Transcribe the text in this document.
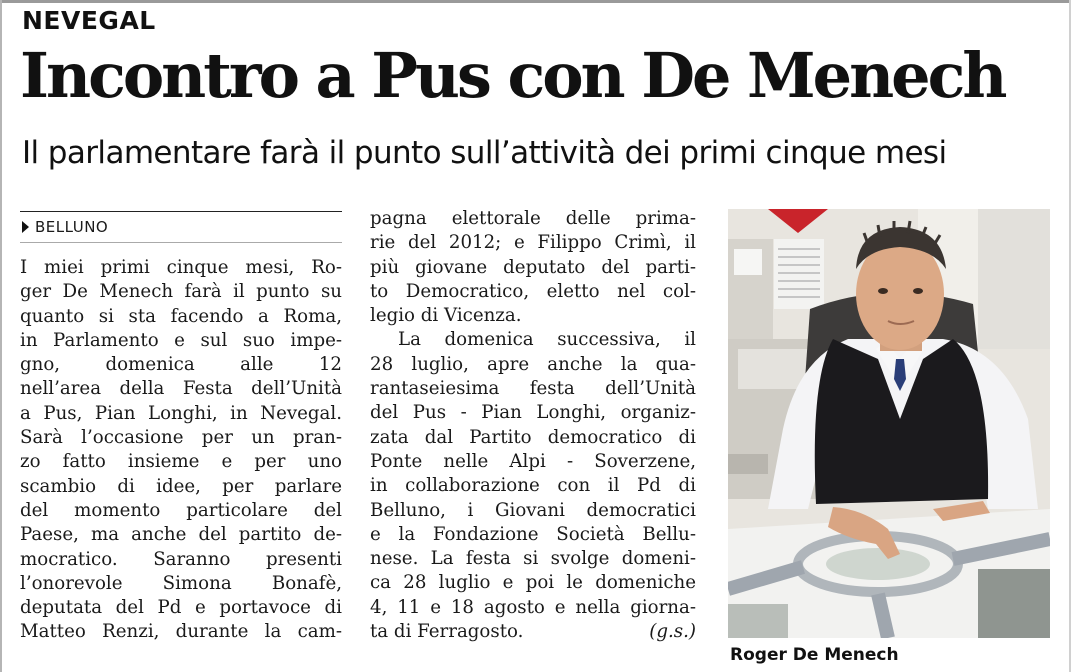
NEVEGAL
Incontro a Pus con De Menech
Il parlamentare farà il punto sull’attività dei primi cinque mesi
BELLUNO
I miei primi cinque mesi, Ro-
ger De Menech farà il punto su
quanto si sta facendo a Roma,
in Parlamento e sul suo impe-
gno, domenica alle 12
nell’area della Festa dell’Unità
a Pus, Pian Longhi, in Nevegal.
Sarà l’occasione per un pran-
zo fatto insieme e per uno
scambio di idee, per parlare
del momento particolare del
Paese, ma anche del partito de-
mocratico. Saranno presenti
l’onorevole Simona Bonafè,
deputata del Pd e portavoce di
Matteo Renzi, durante la cam-
pagna elettorale delle prima-
rie del 2012; e Filippo Crimì, il
più giovane deputato del parti-
to Democratico, eletto nel col-
legio di Vicenza.
La domenica successiva, il
28 luglio, apre anche la qua-
rantaseiesima festa dell’Unità
del Pus - Pian Longhi, organiz-
zata dal Partito democratico di
Ponte nelle Alpi - Soverzene,
in collaborazione con il Pd di
Belluno, i Giovani democratici
e la Fondazione Società Bellu-
nese. La festa si svolge domeni-
ca 28 luglio e poi le domeniche
4, 11 e 18 agosto e nella giorna-
ta di Ferragosto.	(g.s.)
Roger De Menech
